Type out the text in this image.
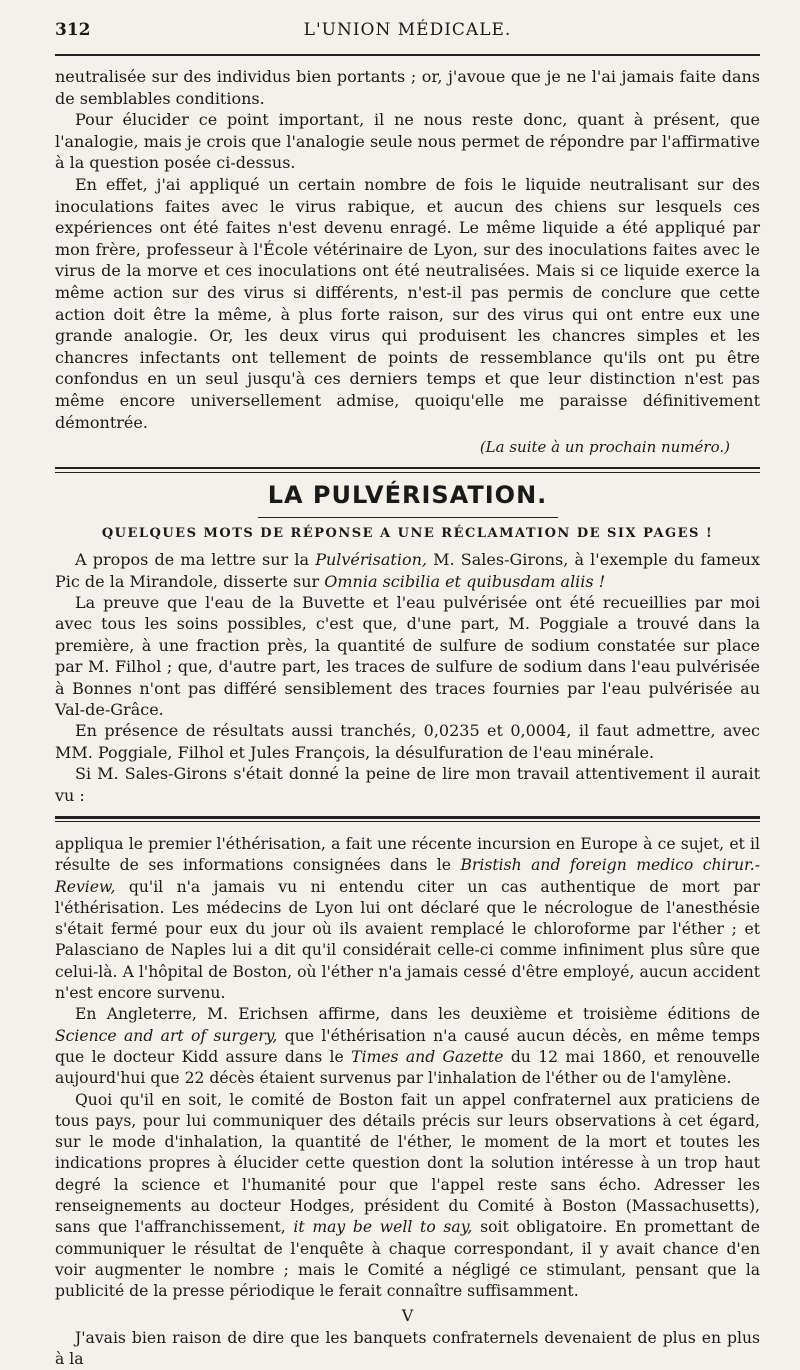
312	L'UNION MÉDICALE.

neutralisée sur des individus bien portants ; or, j'avoue que je ne l'ai jamais faite dans de semblables conditions.

Pour élucider ce point important, il ne nous reste donc, quant à présent, que l'analogie, mais je crois que l'analogie seule nous permet de répondre par l'affirmative à la question posée ci-dessus.

En effet, j'ai appliqué un certain nombre de fois le liquide neutralisant sur des inoculations faites avec le virus rabique, et aucun des chiens sur lesquels ces expériences ont été faites n'est devenu enragé. Le même liquide a été appliqué par mon frère, professeur à l'École vétérinaire de Lyon, sur des inoculations faites avec le virus de la morve et ces inoculations ont été neutralisées. Mais si ce liquide exerce la même action sur des virus si différents, n'est-il pas permis de conclure que cette action doit être la même, à plus forte raison, sur des virus qui ont entre eux une grande analogie. Or, les deux virus qui produisent les chancres simples et les chancres infectants ont tellement de points de ressemblance qu'ils ont pu être confondus en un seul jusqu'à ces derniers temps et que leur distinction n'est pas même encore universellement admise, quoiqu'elle me paraisse définitivement démontrée.

(La suite à un prochain numéro.)
LA PULVÉRISATION.
QUELQUES MOTS DE RÉPONSE A UNE RÉCLAMATION DE SIX PAGES !

A propos de ma lettre sur la Pulvérisation, M. Sales-Girons, à l'exemple du fameux Pic de la Mirandole, disserte sur Omnia scibilia et quibusdam aliis !

La preuve que l'eau de la Buvette et l'eau pulvérisée ont été recueillies par moi avec tous les soins possibles, c'est que, d'une part, M. Poggiale a trouvé dans la première, à une fraction près, la quantité de sulfure de sodium constatée sur place par M. Filhol ; que, d'autre part, les traces de sulfure de sodium dans l'eau pulvérisée à Bonnes n'ont pas différé sensiblement des traces fournies par l'eau pulvérisée au Val-de-Grâce.

En présence de résultats aussi tranchés, 0,0235 et 0,0004, il faut admettre, avec MM. Poggiale, Filhol et Jules François, la désulfuration de l'eau minérale.

Si M. Sales-Girons s'était donné la peine de lire mon travail attentivement il aurait vu :

appliqua le premier l'éthérisation, a fait une récente incursion en Europe à ce sujet, et il résulte de ses informations consignées dans le Bristish and foreign medico chirur.-Review, qu'il n'a jamais vu ni entendu citer un cas authentique de mort par l'éthérisation. Les médecins de Lyon lui ont déclaré que le nécrologue de l'anesthésie s'était fermé pour eux du jour où ils avaient remplacé le chloroforme par l'éther ; et Palasciano de Naples lui a dit qu'il considérait celle-ci comme infiniment plus sûre que celui-là. A l'hôpital de Boston, où l'éther n'a jamais cessé d'être employé, aucun accident n'est encore survenu.

En Angleterre, M. Erichsen affirme, dans les deuxième et troisième éditions de Science and art of surgery, que l'éthérisation n'a causé aucun décès, en même temps que le docteur Kidd assure dans le Times and Gazette du 12 mai 1860, et renouvelle aujourd'hui que 22 décès étaient survenus par l'inhalation de l'éther ou de l'amylène.

Quoi qu'il en soit, le comité de Boston fait un appel confraternel aux praticiens de tous pays, pour lui communiquer des détails précis sur leurs observations à cet égard, sur le mode d'inhalation, la quantité de l'éther, le moment de la mort et toutes les indications propres à élucider cette question dont la solution intéresse à un trop haut degré la science et l'humanité pour que l'appel reste sans écho. Adresser les renseignements au docteur Hodges, président du Comité à Boston (Massachusetts), sans que l'affranchissement, it may be well to say, soit obligatoire. En promettant de communiquer le résultat de l'enquête à chaque correspondant, il y avait chance d'en voir augmenter le nombre ; mais le Comité a négligé ce stimulant, pensant que la publicité de la presse périodique le ferait connaître suffisamment.

V

J'avais bien raison de dire que les banquets confraternels devenaient de plus en plus à la
